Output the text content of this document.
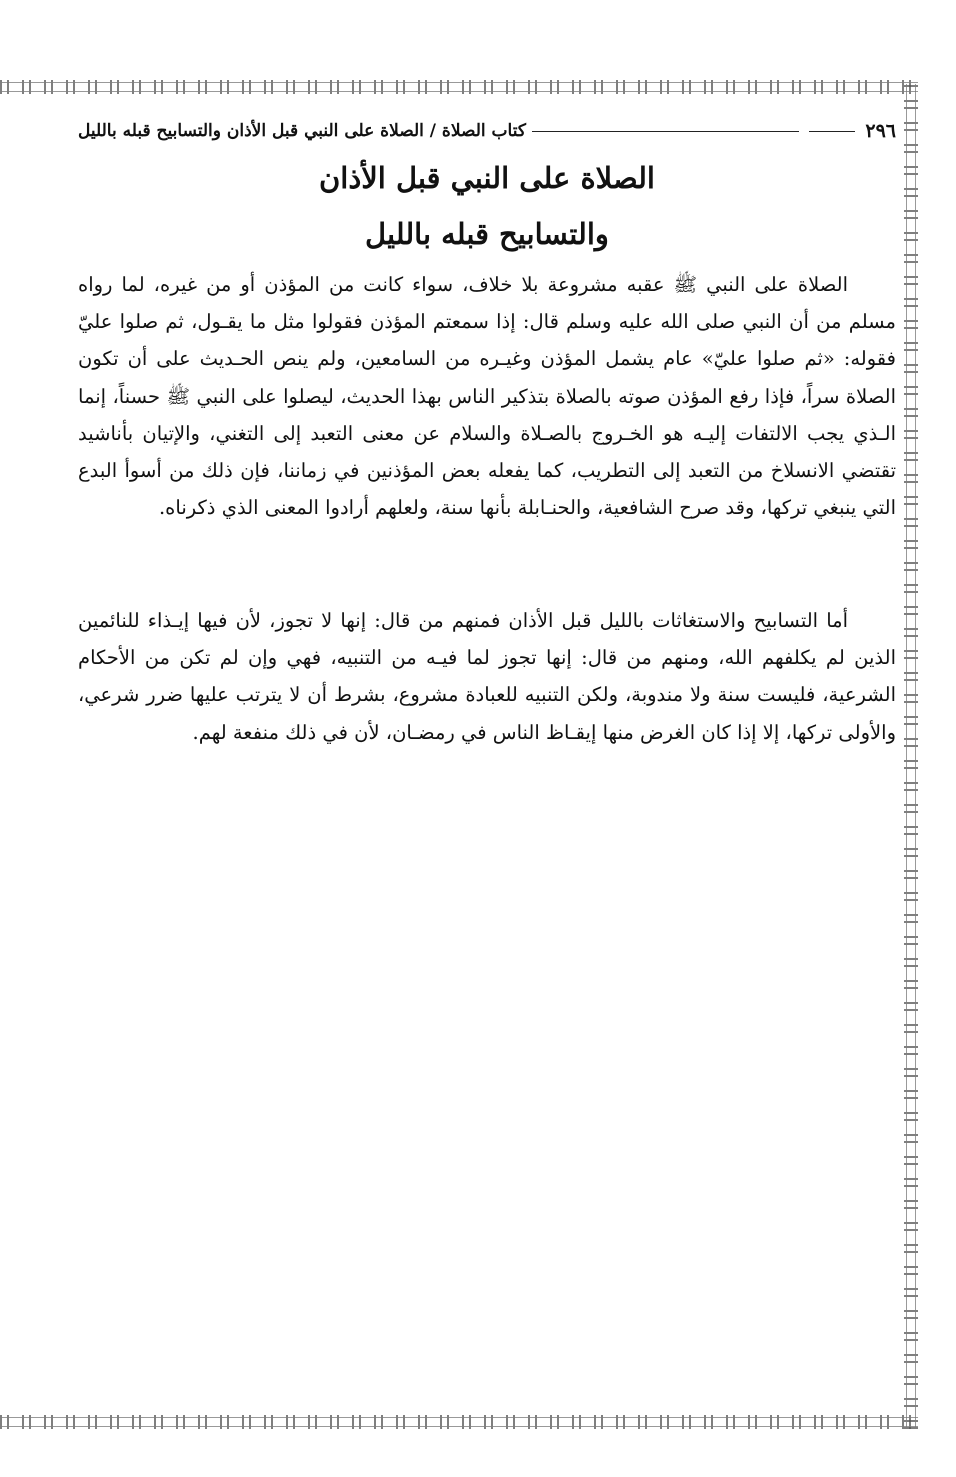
٢٩٦
كتاب الصلاة / الصلاة على النبي قبل الأذان والتسابيح قبله بالليل
الصلاة على النبي قبل الأذان
والتسابيح قبله بالليل

الصلاة على النبي ﷺ عقبه مشروعة بلا خلاف، سواء كانت من المؤذن أو من غيره، لما رواه مسلم من أن النبي صلى الله عليه وسلم قال: إذا سمعتم المؤذن فقولوا مثل ما يقـول، ثم صلوا عليّ فقوله: «ثم صلوا عليّ» عام يشمل المؤذن وغيـره من السامعين، ولم ينص الحـديث على أن تكون الصلاة سراً، فإذا رفع المؤذن صوته بالصلاة بتذكير الناس بهذا الحديث، ليصلوا على النبي ﷺ حسناً، إنما الـذي يجب الالتفات إليـه هو الخـروج بالصـلاة والسلام عن معنى التعبد إلى التغني، والإتيان بأناشيد تقتضي الانسلاخ من التعبد إلى التطريب، كما يفعله بعض المؤذنين في زماننا، فإن ذلك من أسوأ البدع التي ينبغي تركها، وقد صرح الشافعية، والحنـابلة بأنها سنة، ولعلهم أرادوا المعنى الذي ذكرناه.

أما التسابيح والاستغاثات بالليل قبل الأذان فمنهم من قال: إنها لا تجوز، لأن فيها إيـذاء للنائمين الذين لم يكلفهم الله، ومنهم من قال: إنها تجوز لما فيـه من التنبيه، فهي وإن لم تكن من الأحكام الشرعية، فليست سنة ولا مندوبة، ولكن التنبيه للعبادة مشروع، بشرط أن لا يترتب عليها ضرر شرعي، والأولى تركها، إلا إذا كان الغرض منها إيقـاظ الناس في رمضـان، لأن في ذلك منفعة لهم.
